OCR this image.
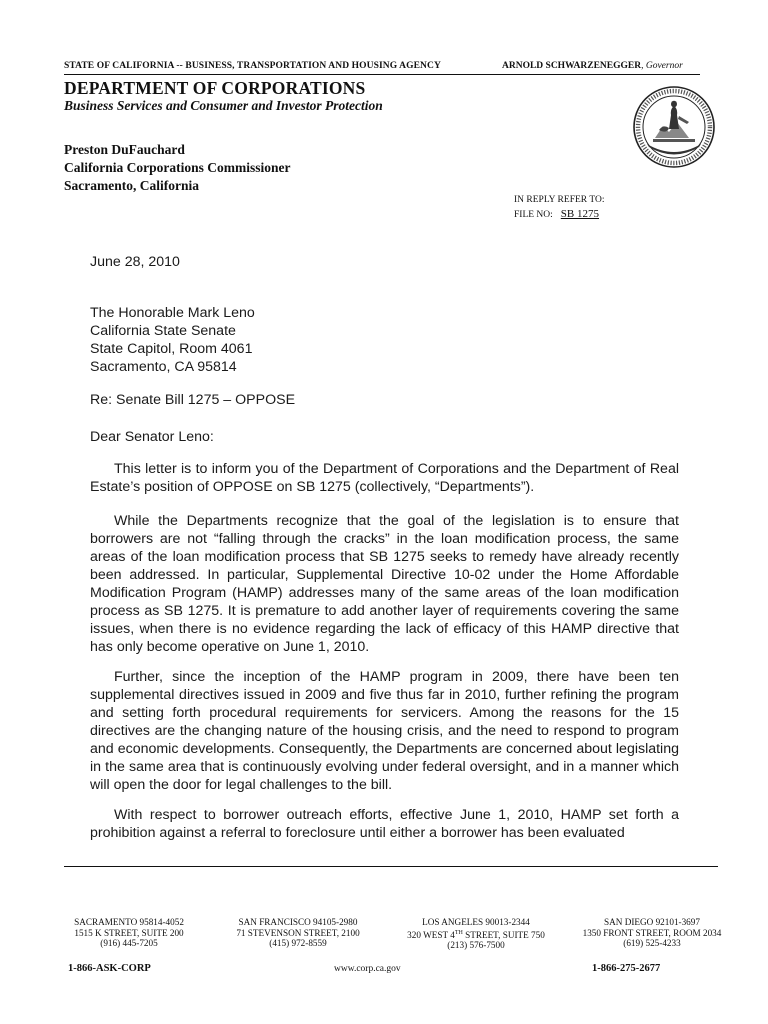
STATE OF CALIFORNIA -- BUSINESS, TRANSPORTATION AND HOUSING AGENCY	ARNOLD SCHWARZENEGGER, Governor
DEPARTMENT OF CORPORATIONS
Business Services and Consumer and Investor Protection
Preston DuFauchard
California Corporations Commissioner
Sacramento, California
IN REPLY REFER TO:
FILE NO: SB 1275
June 28, 2010
The Honorable Mark Leno
California State Senate
State Capitol, Room 4061
Sacramento, CA 95814
Re: Senate Bill 1275 – OPPOSE
Dear Senator Leno:

This letter is to inform you of the Department of Corporations and the Department of Real Estate’s position of OPPOSE on SB 1275 (collectively, “Departments”).

While the Departments recognize that the goal of the legislation is to ensure that borrowers are not “falling through the cracks” in the loan modification process, the same areas of the loan modification process that SB 1275 seeks to remedy have already recently been addressed. In particular, Supplemental Directive 10-02 under the Home Affordable Modification Program (HAMP) addresses many of the same areas of the loan modification process as SB 1275. It is premature to add another layer of requirements covering the same issues, when there is no evidence regarding the lack of efficacy of this HAMP directive that has only become operative on June 1, 2010.

Further, since the inception of the HAMP program in 2009, there have been ten supplemental directives issued in 2009 and five thus far in 2010, further refining the program and setting forth procedural requirements for servicers. Among the reasons for the 15 directives are the changing nature of the housing crisis, and the need to respond to program and economic developments. Consequently, the Departments are concerned about legislating in the same area that is continuously evolving under federal oversight, and in a manner which will open the door for legal challenges to the bill.

With respect to borrower outreach efforts, effective June 1, 2010, HAMP set forth a prohibition against a referral to foreclosure until either a borrower has been evaluated

SACRAMENTO 95814-4052
1515 K STREET, SUITE 200
(916) 445-7205
SAN FRANCISCO 94105-2980
71 STEVENSON STREET, 2100
(415) 972-8559
LOS ANGELES 90013-2344
320 WEST 4TH STREET, SUITE 750
(213) 576-7500
SAN DIEGO 92101-3697
1350 FRONT STREET, ROOM 2034
(619) 525-4233
1-866-ASK-CORP	www.corp.ca.gov	1-866-275-2677
